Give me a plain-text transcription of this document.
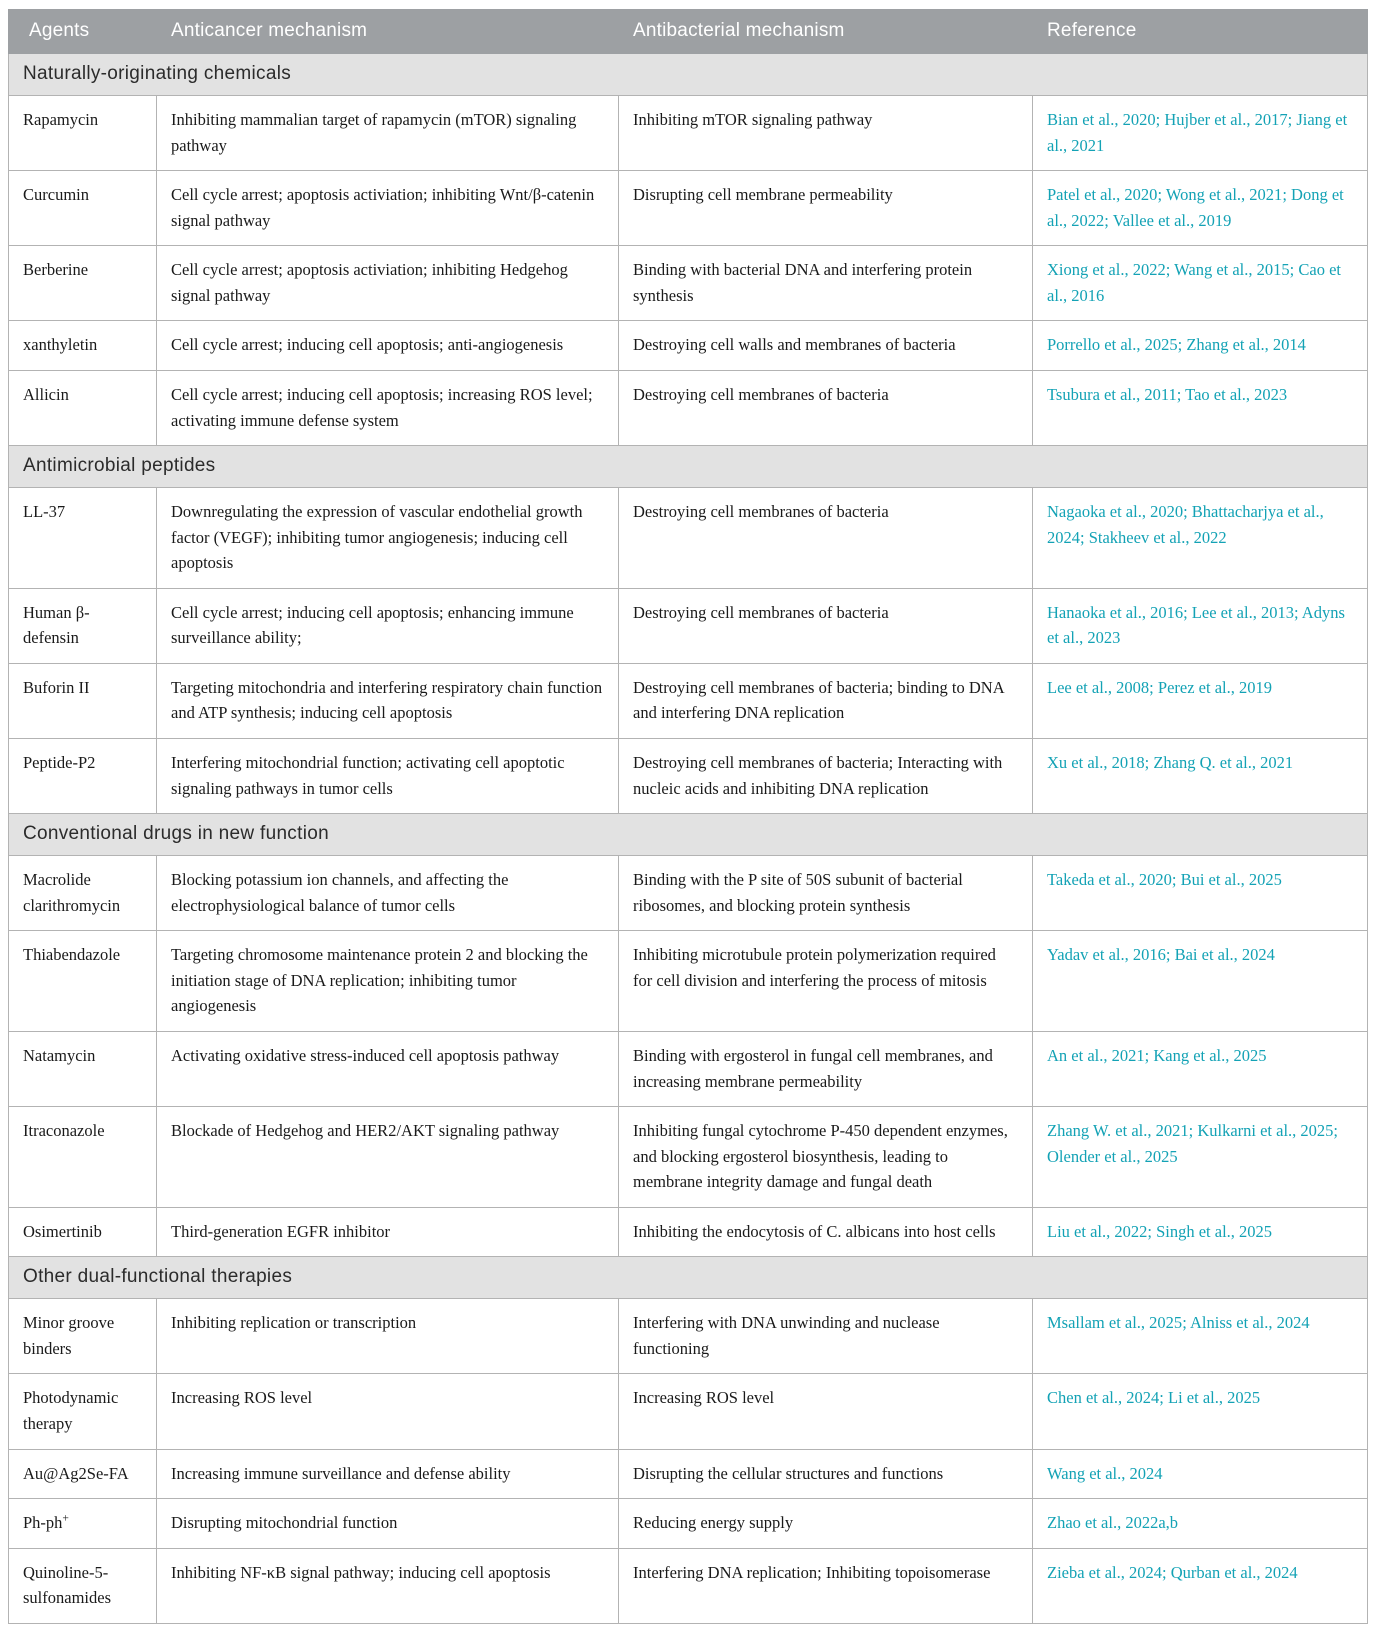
Agents	Anticancer mechanism	Antibacterial mechanism	Reference
Naturally-originating chemicals			
Rapamycin	Inhibiting mammalian target of rapamycin (mTOR) signaling pathway	Inhibiting mTOR signaling pathway	Bian et al., 2020; Hujber et al., 2017; Jiang et al., 2021
Curcumin	Cell cycle arrest; apoptosis activiation; inhibiting Wnt/β-catenin signal pathway	Disrupting cell membrane permeability	Patel et al., 2020; Wong et al., 2021; Dong et al., 2022; Vallee et al., 2019
Berberine	Cell cycle arrest; apoptosis activiation; inhibiting Hedgehog signal pathway	Binding with bacterial DNA and interfering protein synthesis	Xiong et al., 2022; Wang et al., 2015; Cao et al., 2016
xanthyletin	Cell cycle arrest; inducing cell apoptosis; anti-angiogenesis	Destroying cell walls and membranes of bacteria	Porrello et al., 2025; Zhang et al., 2014
Allicin	Cell cycle arrest; inducing cell apoptosis; increasing ROS level; activating immune defense system	Destroying cell membranes of bacteria	Tsubura et al., 2011; Tao et al., 2023
Antimicrobial peptides			
LL-37	Downregulating the expression of vascular endothelial growth factor (VEGF); inhibiting tumor angiogenesis; inducing cell apoptosis	Destroying cell membranes of bacteria	Nagaoka et al., 2020; Bhattacharjya et al., 2024; Stakheev et al., 2022
Human β-defensin	Cell cycle arrest; inducing cell apoptosis; enhancing immune surveillance ability;	Destroying cell membranes of bacteria	Hanaoka et al., 2016; Lee et al., 2013; Adyns et al., 2023
Buforin II	Targeting mitochondria and interfering respiratory chain function and ATP synthesis; inducing cell apoptosis	Destroying cell membranes of bacteria; binding to DNA and interfering DNA replication	Lee et al., 2008; Perez et al., 2019
Peptide-P2	Interfering mitochondrial function; activating cell apoptotic signaling pathways in tumor cells	Destroying cell membranes of bacteria; Interacting with nucleic acids and inhibiting DNA replication	Xu et al., 2018; Zhang Q. et al., 2021
Conventional drugs in new function			
Macrolide clarithromycin	Blocking potassium ion channels, and affecting the electrophysiological balance of tumor cells	Binding with the P site of 50S subunit of bacterial ribosomes, and blocking protein synthesis	Takeda et al., 2020; Bui et al., 2025
Thiabendazole	Targeting chromosome maintenance protein 2 and blocking the initiation stage of DNA replication; inhibiting tumor angiogenesis	Inhibiting microtubule protein polymerization required for cell division and interfering the process of mitosis	Yadav et al., 2016; Bai et al., 2024
Natamycin	Activating oxidative stress-induced cell apoptosis pathway	Binding with ergosterol in fungal cell membranes, and increasing membrane permeability	An et al., 2021; Kang et al., 2025
Itraconazole	Blockade of Hedgehog and HER2/AKT signaling pathway	Inhibiting fungal cytochrome P-450 dependent enzymes, and blocking ergosterol biosynthesis, leading to membrane integrity damage and fungal death	Zhang W. et al., 2021; Kulkarni et al., 2025; Olender et al., 2025
Osimertinib	Third-generation EGFR inhibitor	Inhibiting the endocytosis of C. albicans into host cells	Liu et al., 2022; Singh et al., 2025
Other dual-functional therapies			
Minor groove binders	Inhibiting replication or transcription	Interfering with DNA unwinding and nuclease functioning	Msallam et al., 2025; Alniss et al., 2024
Photodynamic therapy	Increasing ROS level	Increasing ROS level	Chen et al., 2024; Li et al., 2025
Au@Ag2Se-FA	Increasing immune surveillance and defense ability	Disrupting the cellular structures and functions	Wang et al., 2024
Ph-ph+	Disrupting mitochondrial function	Reducing energy supply	Zhao et al., 2022a,b
Quinoline-5-sulfonamides	Inhibiting NF-κB signal pathway; inducing cell apoptosis	Interfering DNA replication; Inhibiting topoisomerase	Zieba et al., 2024; Qurban et al., 2024
